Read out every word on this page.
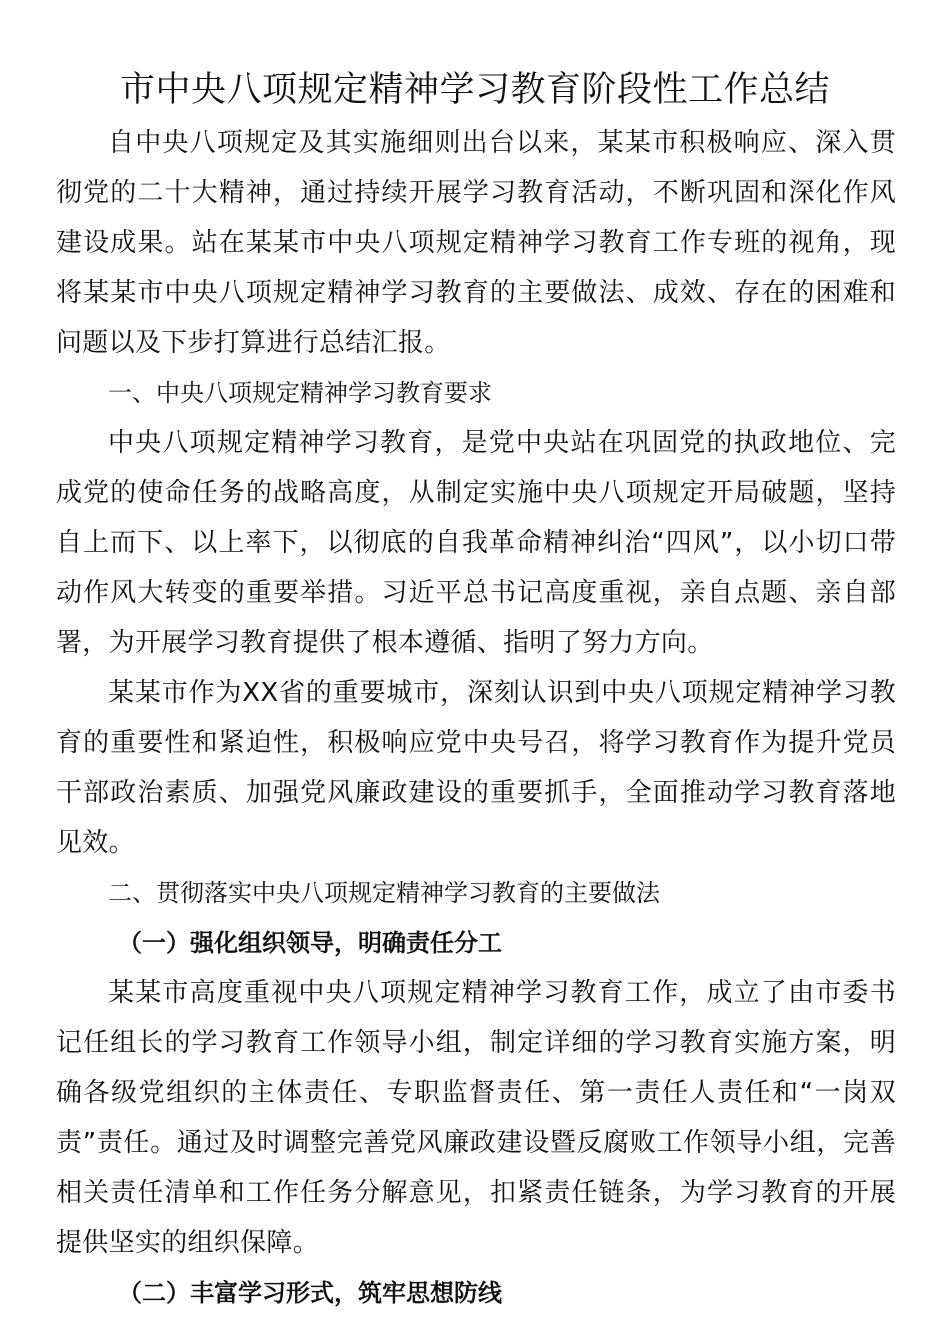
市中央八项规定精神学习教育阶段性工作总结

自中央八项规定及其实施细则出台以来，某某市积极响应、深入贯彻党的二十大精神，通过持续开展学习教育活动，不断巩固和深化作风建设成果。站在某某市中央八项规定精神学习教育工作专班的视角，现将某某市中央八项规定精神学习教育的主要做法、成效、存在的困难和问题以及下步打算进行总结汇报。

一、中央八项规定精神学习教育要求

中央八项规定精神学习教育，是党中央站在巩固党的执政地位、完成党的使命任务的战略高度，从制定实施中央八项规定开局破题，坚持自上而下、以上率下，以彻底的自我革命精神纠治“四风”，以小切口带动作风大转变的重要举措。习近平总书记高度重视，亲自点题、亲自部署，为开展学习教育提供了根本遵循、指明了努力方向。

某某市作为XX省的重要城市，深刻认识到中央八项规定精神学习教育的重要性和紧迫性，积极响应党中央号召，将学习教育作为提升党员干部政治素质、加强党风廉政建设的重要抓手，全面推动学习教育落地见效。

二、贯彻落实中央八项规定精神学习教育的主要做法

（一）强化组织领导，明确责任分工

某某市高度重视中央八项规定精神学习教育工作，成立了由市委书记任组长的学习教育工作领导小组，制定详细的学习教育实施方案，明确各级党组织的主体责任、专职监督责任、第一责任人责任和“一岗双责”责任。通过及时调整完善党风廉政建设暨反腐败工作领导小组，完善相关责任清单和工作任务分解意见，扣紧责任链条，为学习教育的开展提供坚实的组织保障。

（二）丰富学习形式，筑牢思想防线
